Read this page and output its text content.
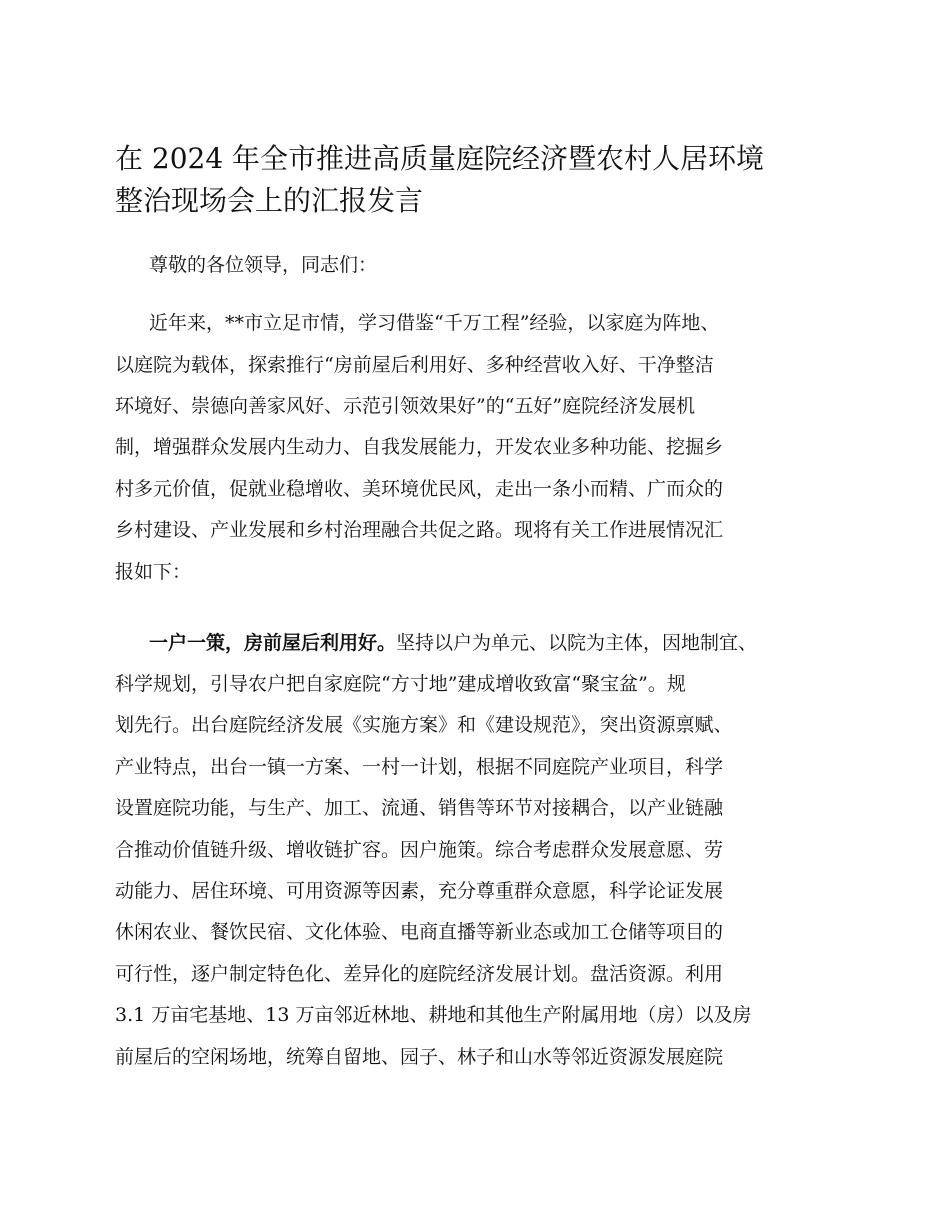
在 2024 年全市推进高质量庭院经济暨农村人居环境
整治现场会上的汇报发言

尊敬的各位领导，同志们：

近年来，**市立足市情，学习借鉴“千万工程”经验，以家庭为阵地、

以庭院为载体，探索推行“房前屋后利用好、多种经营收入好、干净整洁

环境好、崇德向善家风好、示范引领效果好”的“五好”庭院经济发展机

制，增强群众发展内生动力、自我发展能力，开发农业多种功能、挖掘乡

村多元价值，促就业稳增收、美环境优民风，走出一条小而精、广而众的

乡村建设、产业发展和乡村治理融合共促之路。现将有关工作进展情况汇

报如下：

一户一策，房前屋后利用好。坚持以户为单元、以院为主体，因地制宜、

科学规划，引导农户把自家庭院“方寸地”建成增收致富“聚宝盆”。规

划先行。出台庭院经济发展《实施方案》和《建设规范》，突出资源禀赋、

产业特点，出台一镇一方案、一村一计划，根据不同庭院产业项目，科学

设置庭院功能，与生产、加工、流通、销售等环节对接耦合，以产业链融

合推动价值链升级、增收链扩容。因户施策。综合考虑群众发展意愿、劳

动能力、居住环境、可用资源等因素，充分尊重群众意愿，科学论证发展

休闲农业、餐饮民宿、文化体验、电商直播等新业态或加工仓储等项目的

可行性，逐户制定特色化、差异化的庭院经济发展计划。盘活资源。利用

3.1 万亩宅基地、13 万亩邻近林地、耕地和其他生产附属用地（房）以及房

前屋后的空闲场地，统筹自留地、园子、林子和山水等邻近资源发展庭院
